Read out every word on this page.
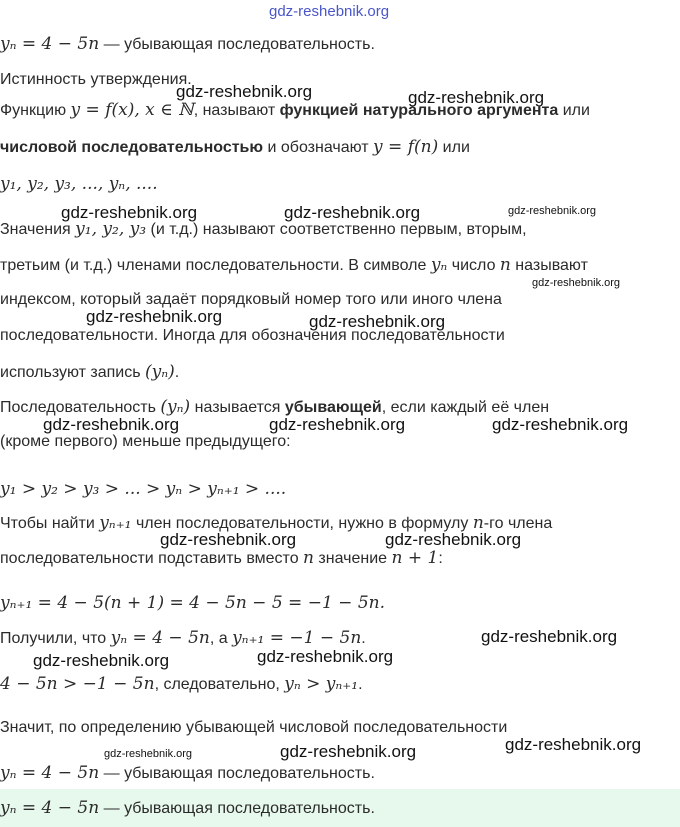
yₙ = 4 − 5n — убывающая последовательность.
Истинность утверждения.
Функцию y = f(x), x ∈ ℕ, называют функцией натурального аргумента или
числовой последовательностью и обозначают y = f(n) или
y₁, y₂, y₃, ..., yₙ, ....
Значения y₁, y₂, y₃ (и т.д.) называют соответственно первым, вторым,
третьим (и т.д.) членами последовательности. В символе yₙ число n называют
индексом, который задаёт порядковый номер того или иного члена
последовательности. Иногда для обозначения последовательности
используют запись (yₙ).
Последовательность (yₙ) называется убывающей, если каждый её член
(кроме первого) меньше предыдущего:
y₁ > y₂ > y₃ > ... > yₙ > yₙ₊₁ > ....
Чтобы найти yₙ₊₁ член последовательности, нужно в формулу n-го члена
последовательности подставить вместо n значение n + 1:
yₙ₊₁ = 4 − 5(n + 1) = 4 − 5n − 5 = −1 − 5n.
Получили, что yₙ = 4 − 5n, а yₙ₊₁ = −1 − 5n.
4 − 5n > −1 − 5n, следовательно, yₙ > yₙ₊₁.
Значит, по определению убывающей числовой последовательности
yₙ = 4 − 5n — убывающая последовательность.
yₙ = 4 − 5n — убывающая последовательность.
gdz-reshebnik.org
gdz-reshebnik.org	gdz-reshebnik.org
gdz-reshebnik.org	gdz-reshebnik.org	gdz-reshebnik.org
gdz-reshebnik.org
gdz-reshebnik.org	gdz-reshebnik.org
gdz-reshebnik.org	gdz-reshebnik.org	gdz-reshebnik.org
gdz-reshebnik.org	gdz-reshebnik.org
gdz-reshebnik.org
gdz-reshebnik.org	gdz-reshebnik.org
gdz-reshebnik.org	gdz-reshebnik.org	gdz-reshebnik.org
